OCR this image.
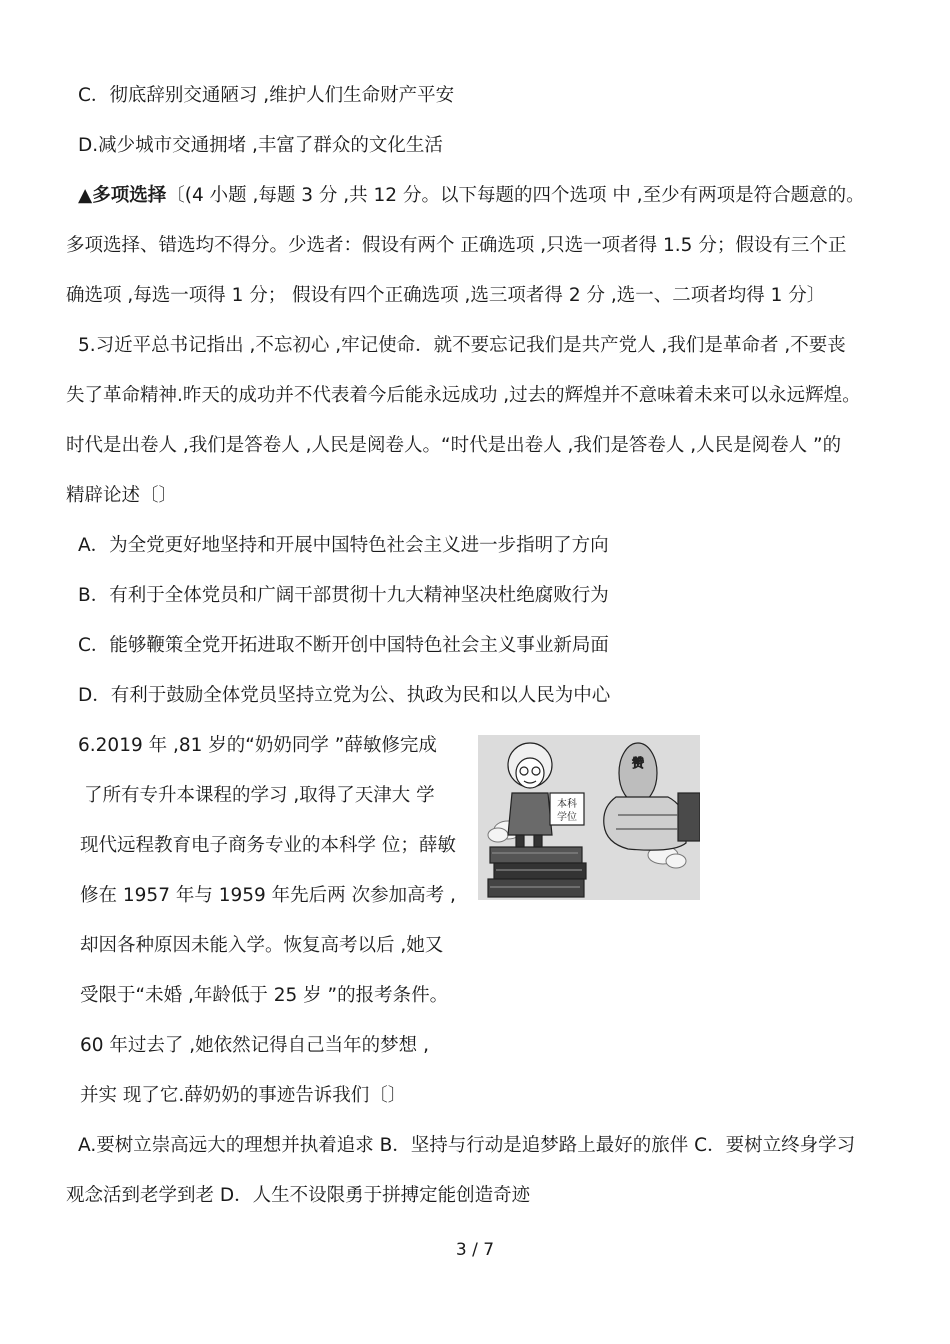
C．彻底辞别交通陋习 ,维护人们生命财产平安
D.减少城市交通拥堵 ,丰富了群众的文化生活
▲多项选择〔(4 小题 ,每题 3 分 ,共 12 分。以下每题的四个选项 中 ,至少有两项是符合题意的。
多项选择、错选均不得分。少选者：假设有两个 正确选项 ,只选一项者得 1.5 分；假设有三个正
确选项 ,每选一项得 1 分； 假设有四个正确选项 ,选三项者得 2 分 ,选一、二项者均得 1 分〕
5.习近平总书记指出 ,不忘初心 ,牢记使命．就不要忘记我们是共产党人 ,我们是革命者 ,不要丧
失了革命精神.昨天的成功并不代表着今后能永远成功 ,过去的辉煌并不意味着未来可以永远辉煌。
时代是出卷人 ,我们是答卷人 ,人民是阅卷人。“时代是出卷人 ,我们是答卷人 ,人民是阅卷人 ”的
精辟论述〔〕
A．为全党更好地坚持和开展中国特色社会主义进一步指明了方向
B．有利于全体党员和广阔干部贯彻十九大精神坚决杜绝腐败行为
C．能够鞭策全党开拓进取不断开创中国特色社会主义事业新局面
D．有利于鼓励全体党员坚持立党为公、执政为民和以人民为中心
6.2019 年 ,81 岁的“奶奶同学 ”薛敏修完成
了所有专升本课程的学习 ,取得了天津大 学
现代远程教育电子商务专业的本科学 位；薛敏
修在 1957 年与 1959 年先后两 次参加高考 ,
却因各种原因未能入学。恢复高考以后 ,她又
受限于“未婚 ,年龄低于 25 岁 ”的报考条件。
60 年过去了 ,她依然记得自己当年的梦想 ,
并实 现了它.薛奶奶的事迹告诉我们〔〕
A.要树立崇高远大的理想并执着追求 B．坚持与行动是追梦路上最好的旅伴 C．要树立终身学习
观念活到老学到老 D．人生不设限勇于拼搏定能创造奇迹
本科
学位
赞
3 / 7
